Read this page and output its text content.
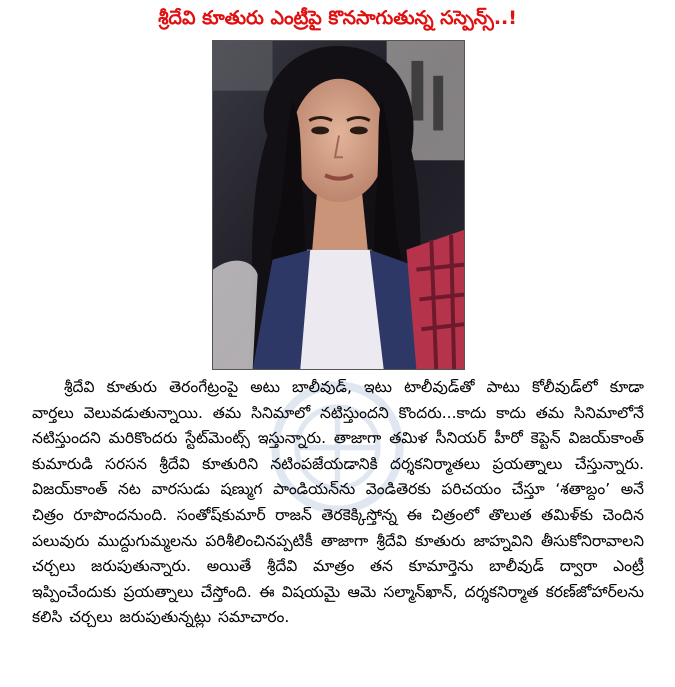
శ్రీదేవి కూతురు ఎంట్రీపై కొనసాగుతున్న సస్పెన్స్..!

శ్రీదేవి కూతురు తెరంగేట్రంపై అటు బాలీవుడ్, ఇటు టాలీవుడ్‌తో పాటు కోలీవుడ్‌లో కూడా వార్తలు వెలువడుతున్నాయి. తమ సినిమాలో నటిస్తుందని కొందరు...కాదు కాదు తమ సినిమాలోనే నటిస్తుందని మరికొందరు స్టేట్‌మెంట్స్ ఇస్తున్నారు. తాజాగా తమిళ సీనియర్ హీరో కెప్టెన్ విజయ్‌కాంత్ కుమారుడి సరసన శ్రీదేవి కూతురిని నటింపజేయడానికి దర్శకనిర్మాతలు ప్రయత్నాలు చేస్తున్నారు. విజయ్‌కాంత్ నట వారసుడు షణ్ముగ పాండియన్‌ను వెండితెరకు పరిచయం చేస్తూ ‘శతాబ్దం’ అనే చిత్రం రూపొందనుంది. సంతోష్‌కుమార్ రాజన్ తెరకెక్కిస్తోన్న ఈ చిత్రంలో తొలుత తమిళ్‌కు చెందిన పలువురు ముద్దుగుమ్మలను పరిశీలించినప్పటికీ తాజాగా శ్రీదేవి కూతురు జాహ్నవిని తీసుకోనిరావాలని చర్చలు జరుపుతున్నారు. అయితే శ్రీదేవి మాత్రం తన కూమార్తెను బాలీవుడ్ ద్వారా ఎంట్రీ ఇప్పించేందుకు ప్రయత్నాలు చేస్తోంది. ఈ విషయమై ఆమె సల్మాన్‌ఖాన్, దర్శకనిర్మాత కరణ్‌జోహార్‌లను కలిసి చర్చలు జరుపుతున్నట్లు సమాచారం.
